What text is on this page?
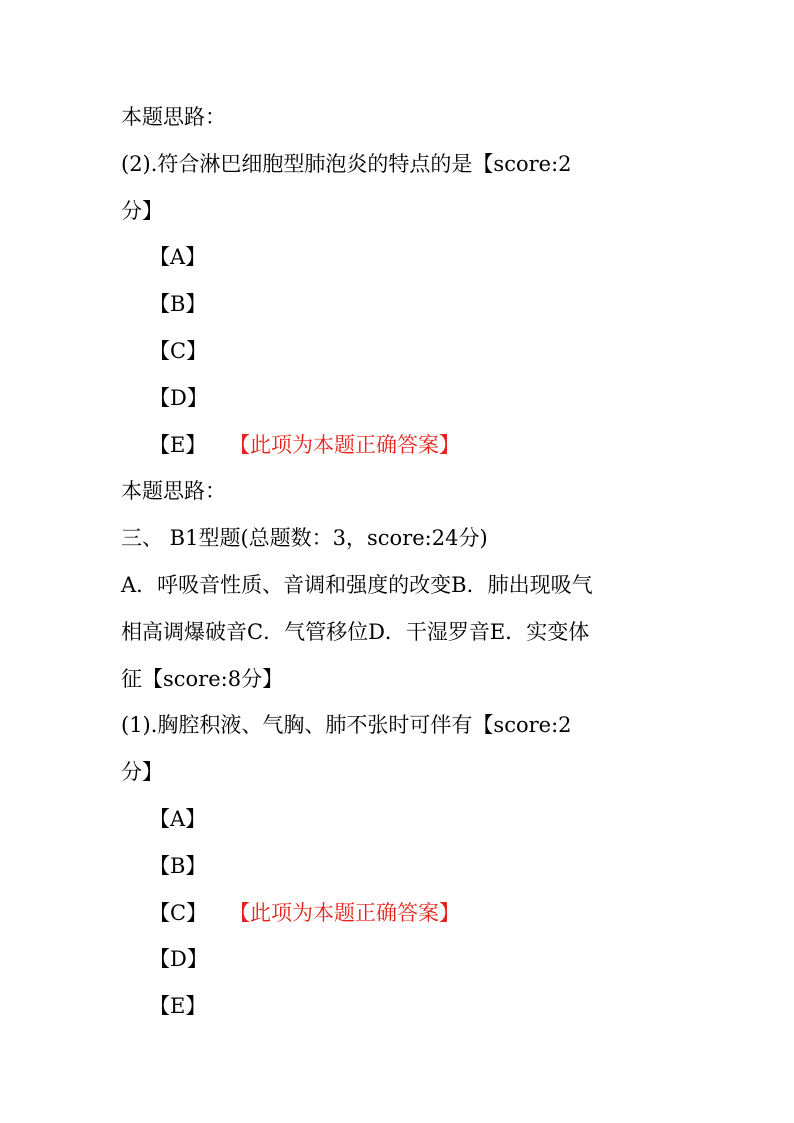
本题思路：
(2).符合淋巴细胞型肺泡炎的特点的是【score:2
分】
【A】
【B】
【C】
【D】
【E】 【此项为本题正确答案】
本题思路：
三、 B1型题(总题数：3，score:24分)
A．呼吸音性质、音调和强度的改变B．肺出现吸气
相高调爆破音C．气管移位D．干湿罗音E．实变体
征【score:8分】
(1).胸腔积液、气胸、肺不张时可伴有【score:2
分】
【A】
【B】
【C】 【此项为本题正确答案】
【D】
【E】
